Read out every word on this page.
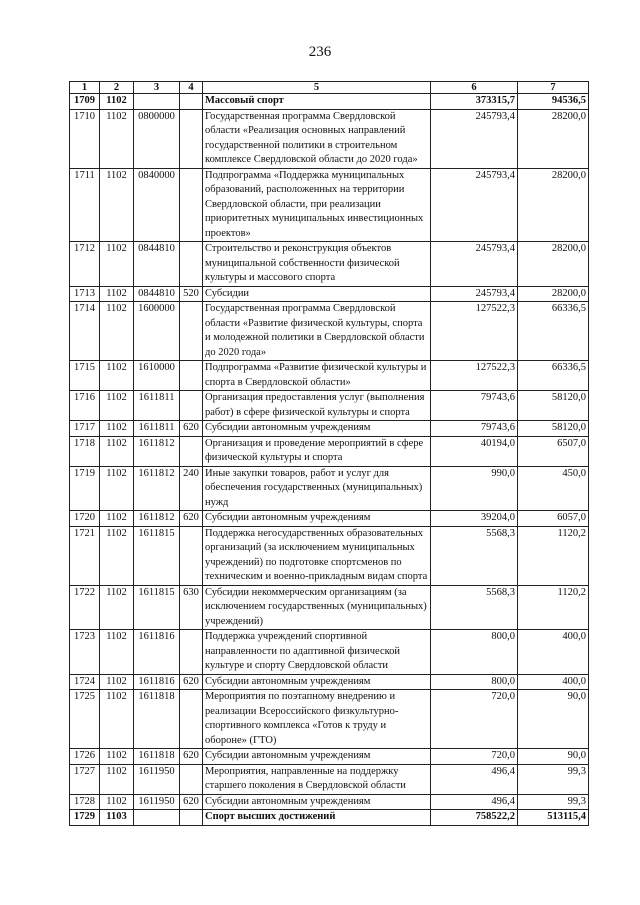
236
1	2	3	4	5	6	7
1709	1102			Массовый спорт	373315,7	94536,5
1710	1102	0800000		Государственная программа Свердловской области «Реализация основных направлений государственной политики в строительном комплексе Свердловской области до 2020 года»	245793,4	28200,0
1711	1102	0840000		Подпрограмма «Поддержка муниципальных образований, расположенных на территории Свердловской области, при реализации приоритетных муниципальных инвестиционных проектов»	245793,4	28200,0
1712	1102	0844810		Строительство и реконструкция объектов муниципальной собственности физической культуры и массового спорта	245793,4	28200,0
1713	1102	0844810	520	Субсидии	245793,4	28200,0
1714	1102	1600000		Государственная программа Свердловской области «Развитие физической культуры, спорта и молодежной политики в Свердловской области до 2020 года»	127522,3	66336,5
1715	1102	1610000		Подпрограмма «Развитие физической культуры и спорта в Свердловской области»	127522,3	66336,5
1716	1102	1611811		Организация предоставления услуг (выполнения работ) в сфере физической культуры и спорта	79743,6	58120,0
1717	1102	1611811	620	Субсидии автономным учреждениям	79743,6	58120,0
1718	1102	1611812		Организация и проведение мероприятий в сфере физической культуры и спорта	40194,0	6507,0
1719	1102	1611812	240	Иные закупки товаров, работ и услуг для обеспечения государственных (муниципальных) нужд	990,0	450,0
1720	1102	1611812	620	Субсидии автономным учреждениям	39204,0	6057,0
1721	1102	1611815		Поддержка негосударственных образовательных организаций (за исключением муниципальных учреждений) по подготовке спортсменов по техническим и военно-прикладным видам спорта	5568,3	1120,2
1722	1102	1611815	630	Субсидии некоммерческим организациям (за исключением государственных (муниципальных) учреждений)	5568,3	1120,2
1723	1102	1611816		Поддержка учреждений спортивной направленности по адаптивной физической культуре и спорту Свердловской области	800,0	400,0
1724	1102	1611816	620	Субсидии автономным учреждениям	800,0	400,0
1725	1102	1611818		Мероприятия по поэтапному внедрению и реализации Всероссийского физкультурно-спортивного комплекса «Готов к труду и обороне» (ГТО)	720,0	90,0
1726	1102	1611818	620	Субсидии автономным учреждениям	720,0	90,0
1727	1102	1611950		Мероприятия, направленные на поддержку старшего поколения в Свердловской области	496,4	99,3
1728	1102	1611950	620	Субсидии автономным учреждениям	496,4	99,3
1729	1103			Спорт высших достижений	758522,2	513115,4
